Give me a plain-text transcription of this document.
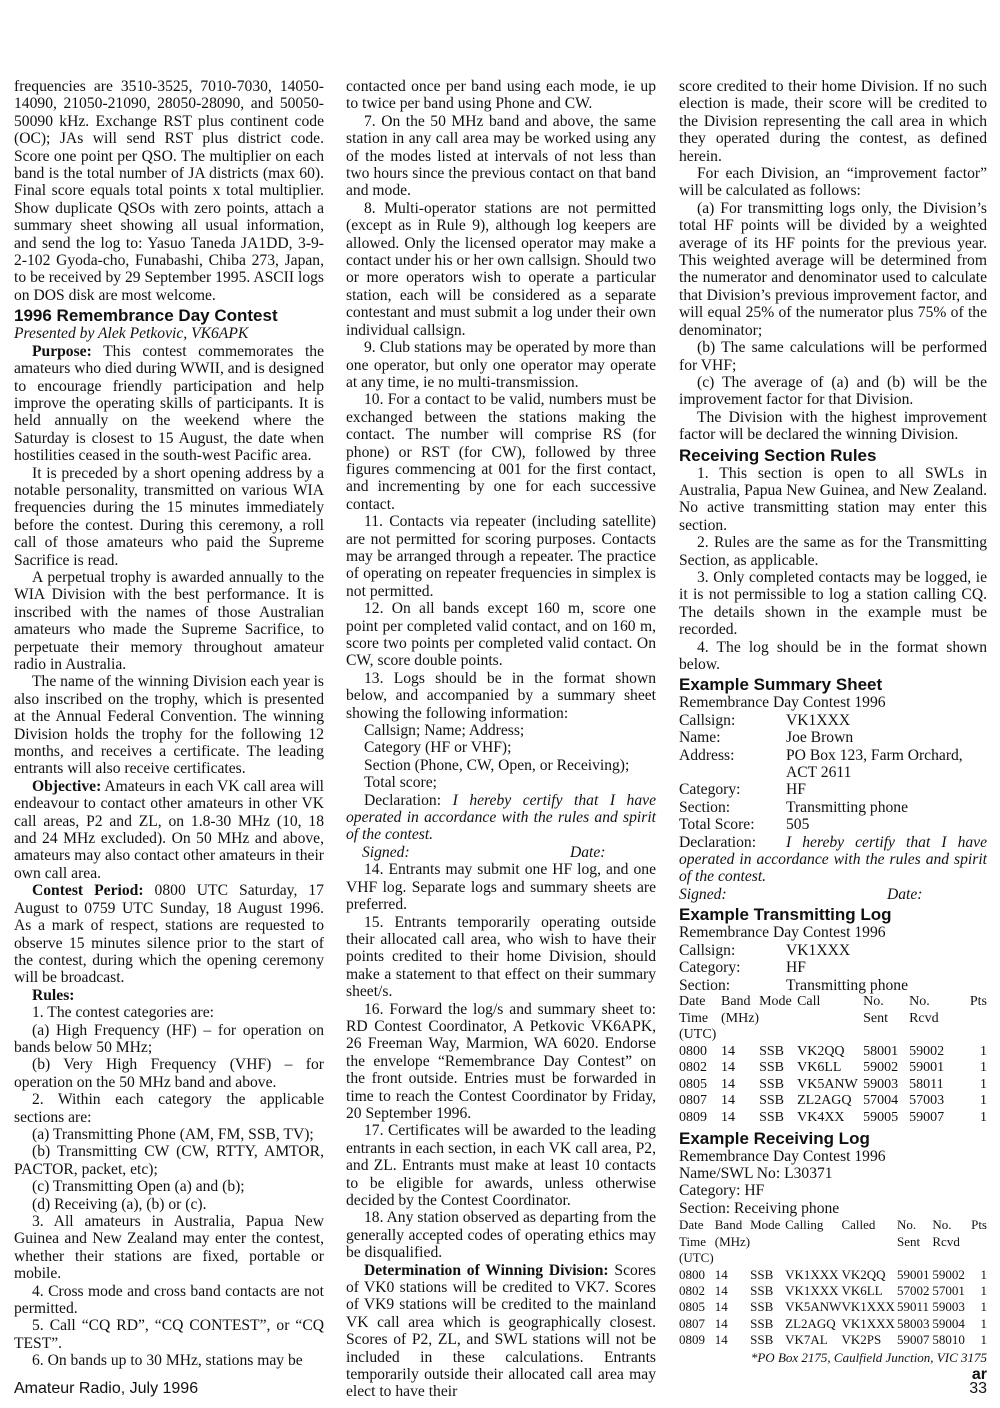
frequencies are 3510-3525, 7010-7030, 14050-14090, 21050-21090, 28050-28090, and 50050-50090 kHz. Exchange RST plus continent code (OC); JAs will send RST plus district code. Score one point per QSO. The multiplier on each band is the total number of JA districts (max 60). Final score equals total points x total multiplier. Show duplicate QSOs with zero points, attach a summary sheet showing all usual information, and send the log to: Yasuo Taneda JA1DD, 3-9-2-102 Gyoda-cho, Funabashi, Chiba 273, Japan, to be received by 29 September 1995. ASCII logs on DOS disk are most welcome.

1996 Remembrance Day Contest

Presented by Alek Petkovic, VK6APK

Purpose: This contest commemorates the amateurs who died during WWII, and is designed to encourage friendly participation and help improve the operating skills of participants. It is held annually on the weekend where the Saturday is closest to 15 August, the date when hostilities ceased in the south-west Pacific area.

It is preceded by a short opening address by a notable personality, transmitted on various WIA frequencies during the 15 minutes immediately before the contest. During this ceremony, a roll call of those amateurs who paid the Supreme Sacrifice is read.

A perpetual trophy is awarded annually to the WIA Division with the best performance. It is inscribed with the names of those Australian amateurs who made the Supreme Sacrifice, to perpetuate their memory throughout amateur radio in Australia.

The name of the winning Division each year is also inscribed on the trophy, which is presented at the Annual Federal Convention. The winning Division holds the trophy for the following 12 months, and receives a certificate. The leading entrants will also receive certificates.

Objective: Amateurs in each VK call area will endeavour to contact other amateurs in other VK call areas, P2 and ZL, on 1.8-30 MHz (10, 18 and 24 MHz excluded). On 50 MHz and above, amateurs may also contact other amateurs in their own call area.

Contest Period: 0800 UTC Saturday, 17 August to 0759 UTC Sunday, 18 August 1996. As a mark of respect, stations are requested to observe 15 minutes silence prior to the start of the contest, during which the opening ceremony will be broadcast.

Rules:

1. The contest categories are:

(a) High Frequency (HF) – for operation on bands below 50 MHz;

(b) Very High Frequency (VHF) – for operation on the 50 MHz band and above.

2. Within each category the applicable sections are:

(a) Transmitting Phone (AM, FM, SSB, TV);

(b) Transmitting CW (CW, RTTY, AMTOR, PACTOR, packet, etc);

(c) Transmitting Open (a) and (b);

(d) Receiving (a), (b) or (c).

3. All amateurs in Australia, Papua New Guinea and New Zealand may enter the contest, whether their stations are fixed, portable or mobile.

4. Cross mode and cross band contacts are not permitted.

5. Call “CQ RD”, “CQ CONTEST”, or “CQ TEST”.

6. On bands up to 30 MHz, stations may be

contacted once per band using each mode, ie up to twice per band using Phone and CW.

7. On the 50 MHz band and above, the same station in any call area may be worked using any of the modes listed at intervals of not less than two hours since the previous contact on that band and mode.

8. Multi-operator stations are not permitted (except as in Rule 9), although log keepers are allowed. Only the licensed operator may make a contact under his or her own callsign. Should two or more operators wish to operate a particular station, each will be considered as a separate contestant and must submit a log under their own individual callsign.

9. Club stations may be operated by more than one operator, but only one operator may operate at any time, ie no multi-transmission.

10. For a contact to be valid, numbers must be exchanged between the stations making the contact. The number will comprise RS (for phone) or RST (for CW), followed by three figures commencing at 001 for the first contact, and incrementing by one for each successive contact.

11. Contacts via repeater (including satellite) are not permitted for scoring purposes. Contacts may be arranged through a repeater. The practice of operating on repeater frequencies in simplex is not permitted.

12. On all bands except 160 m, score one point per completed valid contact, and on 160 m, score two points per completed valid contact. On CW, score double points.

13. Logs should be in the format shown below, and accompanied by a summary sheet showing the following information:

Callsign; Name; Address;

Category (HF or VHF);

Section (Phone, CW, Open, or Receiving);

Total score;

Declaration: I hereby certify that I have operated in accordance with the rules and spirit of the contest.

Signed:	Date:

14. Entrants may submit one HF log, and one VHF log. Separate logs and summary sheets are preferred.

15. Entrants temporarily operating outside their allocated call area, who wish to have their points credited to their home Division, should make a statement to that effect on their summary sheet/s.

16. Forward the log/s and summary sheet to: RD Contest Coordinator, A Petkovic VK6APK, 26 Freeman Way, Marmion, WA 6020. Endorse the envelope “Remembrance Day Contest” on the front outside. Entries must be forwarded in time to reach the Contest Coordinator by Friday, 20 September 1996.

17. Certificates will be awarded to the leading entrants in each section, in each VK call area, P2, and ZL. Entrants must make at least 10 contacts to be eligible for awards, unless otherwise decided by the Contest Coordinator.

18. Any station observed as departing from the generally accepted codes of operating ethics may be disqualified.

Determination of Winning Division: Scores of VK0 stations will be credited to VK7. Scores of VK9 stations will be credited to the mainland VK call area which is geographically closest. Scores of P2, ZL, and SWL stations will not be included in these calculations. Entrants temporarily outside their allocated call area may elect to have their

score credited to their home Division. If no such election is made, their score will be credited to the Division representing the call area in which they operated during the contest, as defined herein.

For each Division, an “improvement factor” will be calculated as follows:

(a) For transmitting logs only, the Division’s total HF points will be divided by a weighted average of its HF points for the previous year. This weighted average will be determined from the numerator and denominator used to calculate that Division’s previous improvement factor, and will equal 25% of the numerator plus 75% of the denominator;

(b) The same calculations will be performed for VHF;

(c) The average of (a) and (b) will be the improvement factor for that Division.

The Division with the highest improvement factor will be declared the winning Division.

Receiving Section Rules

1. This section is open to all SWLs in Australia, Papua New Guinea, and New Zealand. No active transmitting station may enter this section.

2. Rules are the same as for the Transmitting Section, as applicable.

3. Only completed contacts may be logged, ie it is not permissible to log a station calling CQ. The details shown in the example must be recorded.

4. The log should be in the format shown below.

Example Summary Sheet

Remembrance Day Contest 1996

Callsign:	VK1XXX
Name:	Joe Brown
Address:	PO Box 123, Farm Orchard, ACT 2611
Category:	HF
Section:	Transmitting phone
Total Score:	505

Declaration: I hereby certify that I have operated in accordance with the rules and spirit of the contest.

Signed:	Date:
Example Transmitting Log

Remembrance Day Contest 1996

Callsign:	VK1XXX
Category:	HF
Section:	Transmitting phone
Date Time (UTC)	Band (MHz)	Mode	Call	No. Sent	No. Rcvd	Pts
0800	14	SSB	VK2QQ	58001	59002	1
0802	14	SSB	VK6LL	59002	59001	1
0805	14	SSB	VK5ANW	59003	58011	1
0807	14	SSB	ZL2AGQ	57004	57003	1
0809	14	SSB	VK4XX	59005	59007	1
Example Receiving Log

Remembrance Day Contest 1996

Name/SWL No: L30371

Category: HF

Section: Receiving phone

Date Time (UTC)	Band (MHz)	Mode	Calling	Called	No. Sent	No. Rcvd	Pts
0800	14	SSB	VK1XXX	VK2QQ	59001	59002	1
0802	14	SSB	VK1XXX	VK6LL	57002	57001	1
0805	14	SSB	VK5ANW	VK1XXX	59011	59003	1
0807	14	SSB	ZL2AGQ	VK1XXX	58003	59004	1
0809	14	SSB	VK7AL	VK2PS	59007	58010	1

*PO Box 2175, Caulfield Junction, VIC 3175

ar

Amateur Radio, July 1996	33
